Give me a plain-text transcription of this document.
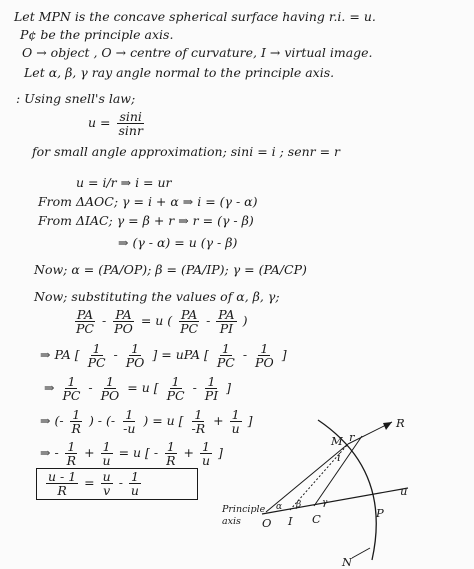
Let MPN is the concave spherical surface having r.i. = u.
P¢ be the principle axis.
O → object , O → centre of curvature, I → virtual image.
Let α, β, γ ray angle normal to the principle axis.
: Using snell's law;
$u = \frac{\sin i}{\sin r}$
for small angle approximation; sini = i ; senr = r
u = i/r ⇒ i = ur
From ΔAOC; γ = i + α ⇒ i = (γ - α)
From ΔIAC; γ = β + r ⇒ r = (γ - β)
⇒ (γ - α) = u (γ - β)
Now; α = (PA/OP); β = (PA/IP); γ = (PA/CP)
Now; substituting the values of α, β, γ;
$\frac{PA}{PC} - \frac{PA}{PO} = u$ ( $\frac{PA}{PC} - \frac{PA}{PI}$ )
⇒ PA [ $\frac{1}{PC} - \frac{1}{PO}$ ] = uPA [ $\frac{1}{PC} - \frac{1}{PO}$ ]
⇒ $\frac{1}{PC} - \frac{1}{PO} = u$ [ $\frac{1}{PC} - \frac{1}{PI}$ ]
⇒ (- $\frac{1}{R}$ ) - (- $\frac{1}{-u}$ ) = u [ $\frac{1}{-R} + \frac{1}{u}$ ]
⇒ - $\frac{1}{R} + \frac{1}{u} = u$ [ - $\frac{1}{R} + \frac{1}{u}$ ]
$\frac{u - 1}{R} = \frac{u}{v} - \frac{1}{u}$
M r
i
R
Principle axis
α β γ
O I C	P
u
N
